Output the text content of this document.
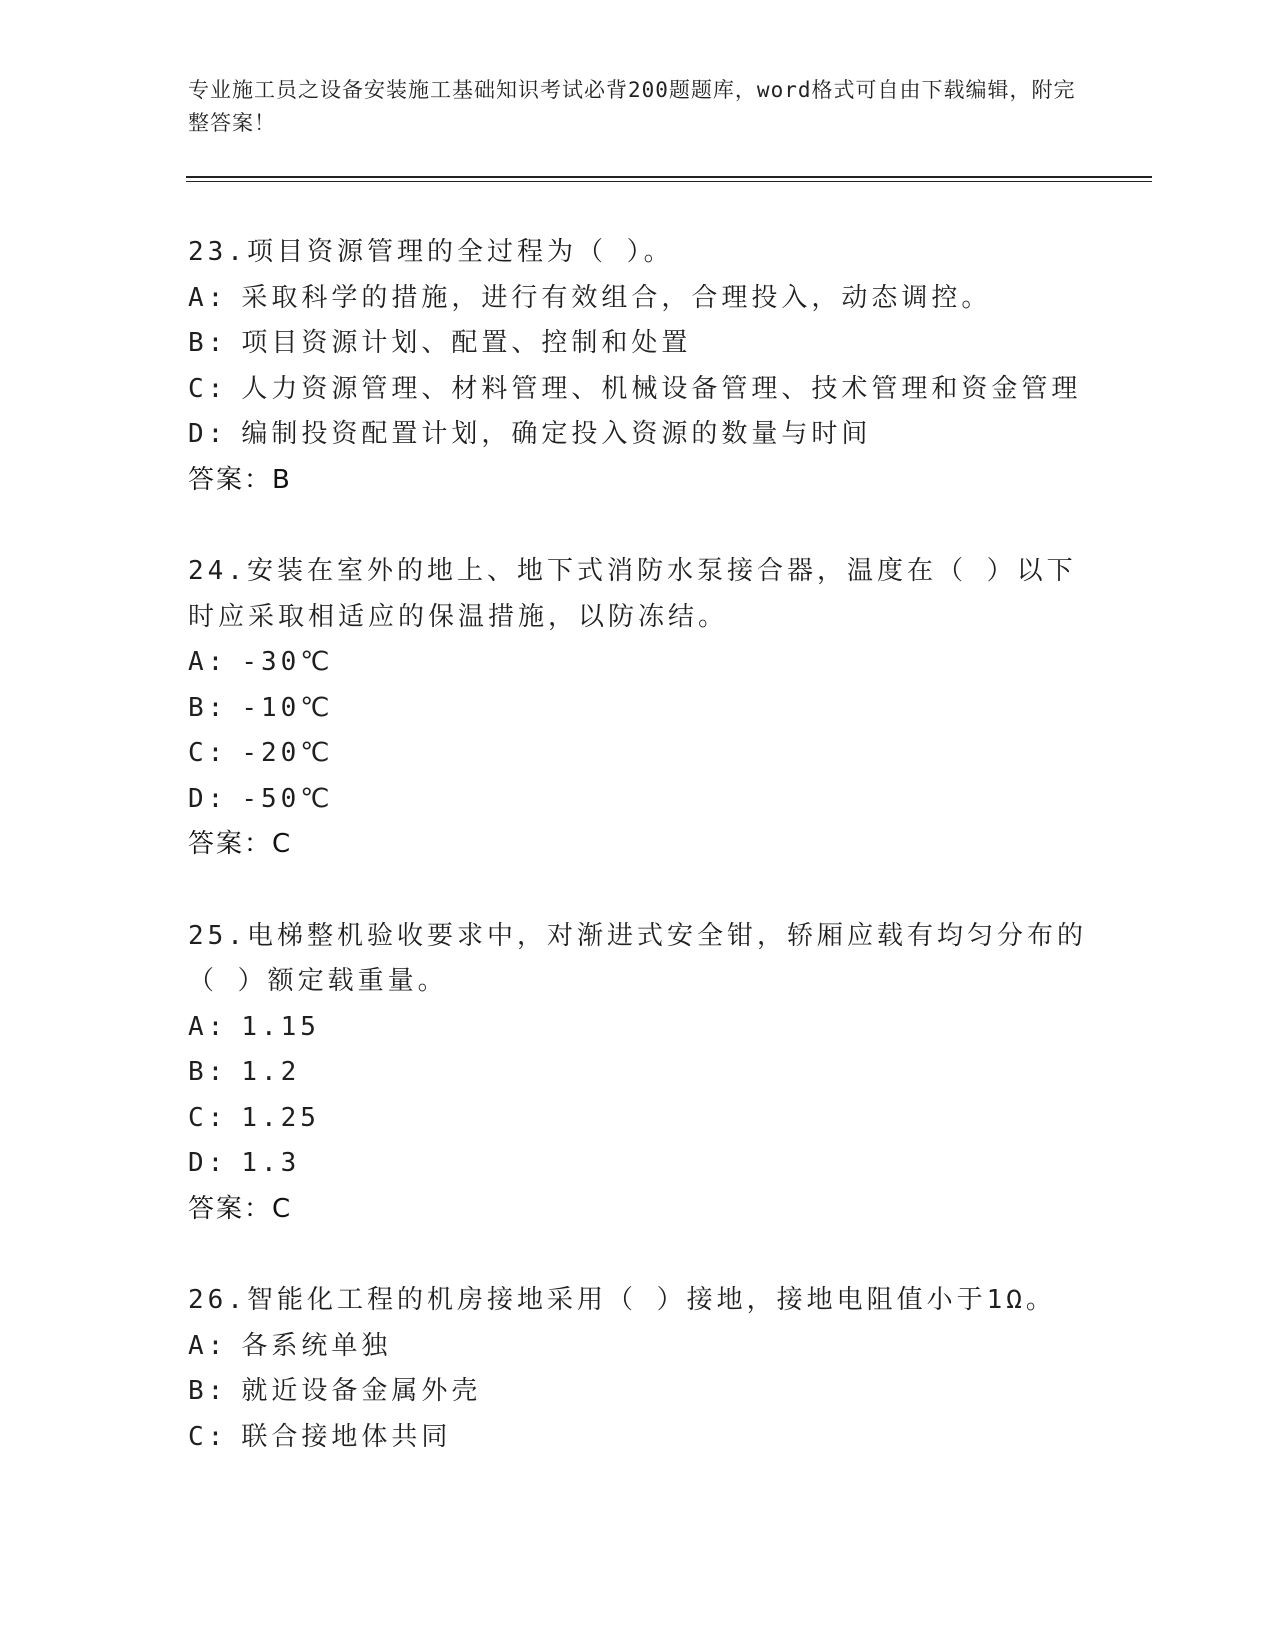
专业施工员之设备安装施工基础知识考试必背200题题库，word格式可自由下载编辑，附完整答案！
23.项目资源管理的全过程为（ ）。
A: 采取科学的措施，进行有效组合，合理投入，动态调控。
B: 项目资源计划、配置、控制和处置
C: 人力资源管理、材料管理、机械设备管理、技术管理和资金管理
D: 编制投资配置计划，确定投入资源的数量与时间
答案：B
24.安装在室外的地上、地下式消防水泵接合器，温度在（ ）以下时应采取相适应的保温措施，以防冻结。
A: -30℃
B: -10℃
C: -20℃
D: -50℃
答案：C
25.电梯整机验收要求中，对渐进式安全钳，轿厢应载有均匀分布的（ ）额定载重量。
A: 1.15
B: 1.2
C: 1.25
D: 1.3
答案：C
26.智能化工程的机房接地采用（ ）接地，接地电阻值小于1Ω。
A: 各系统单独
B: 就近设备金属外壳
C: 联合接地体共同
